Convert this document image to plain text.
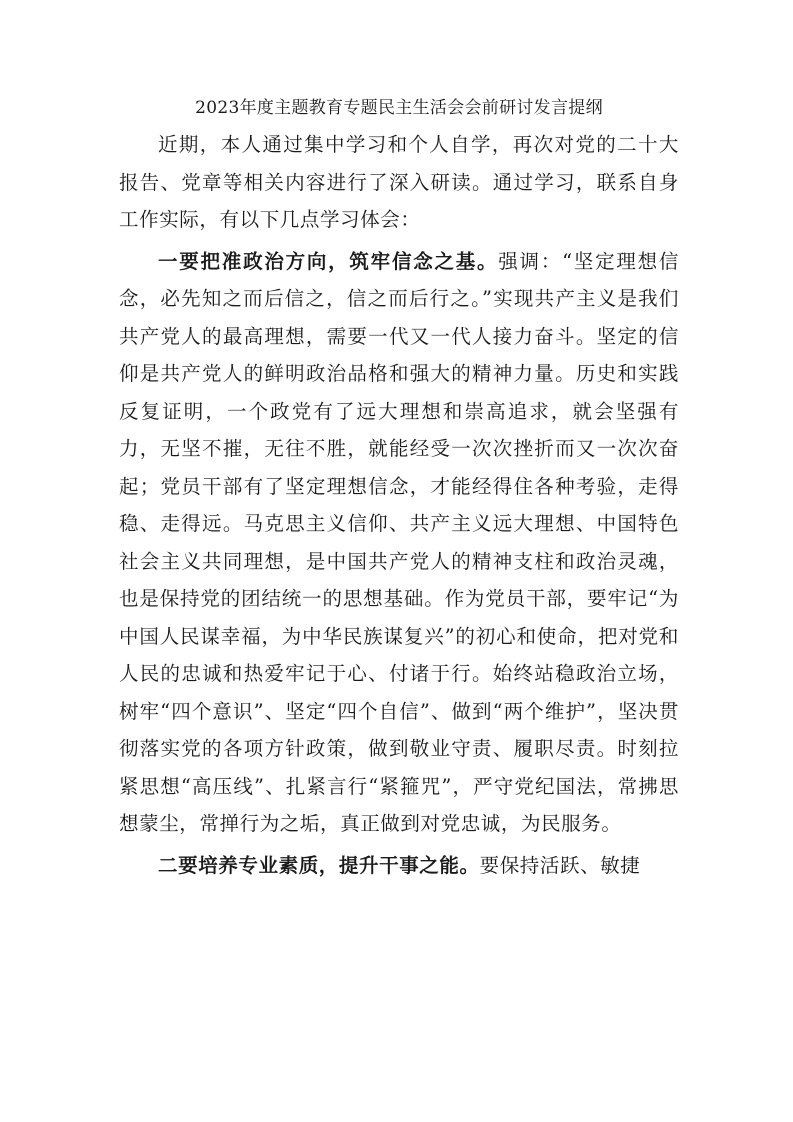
2023年度主题教育专题民主生活会会前研讨发言提纲

近期，本人通过集中学习和个人自学，再次对党的二十大报告、党章等相关内容进行了深入研读。通过学习，联系自身工作实际，有以下几点学习体会：

一要把准政治方向，筑牢信念之基。强调：“坚定理想信念，必先知之而后信之，信之而后行之。”实现共产主义是我们共产党人的最高理想，需要一代又一代人接力奋斗。坚定的信仰是共产党人的鲜明政治品格和强大的精神力量。历史和实践反复证明，一个政党有了远大理想和崇高追求，就会坚强有力，无坚不摧，无往不胜，就能经受一次次挫折而又一次次奋起；党员干部有了坚定理想信念，才能经得住各种考验，走得稳、走得远。马克思主义信仰、共产主义远大理想、中国特色社会主义共同理想，是中国共产党人的精神支柱和政治灵魂，也是保持党的团结统一的思想基础。作为党员干部，要牢记“为中国人民谋幸福，为中华民族谋复兴”的初心和使命，把对党和人民的忠诚和热爱牢记于心、付诸于行。始终站稳政治立场，树牢“四个意识”、坚定“四个自信”、做到“两个维护”，坚决贯彻落实党的各项方针政策，做到敬业守责、履职尽责。时刻拉紧思想“高压线”、扎紧言行“紧箍咒”，严守党纪国法，常拂思想蒙尘，常掸行为之垢，真正做到对党忠诚，为民服务。

二要培养专业素质，提升干事之能。要保持活跃、敏捷
